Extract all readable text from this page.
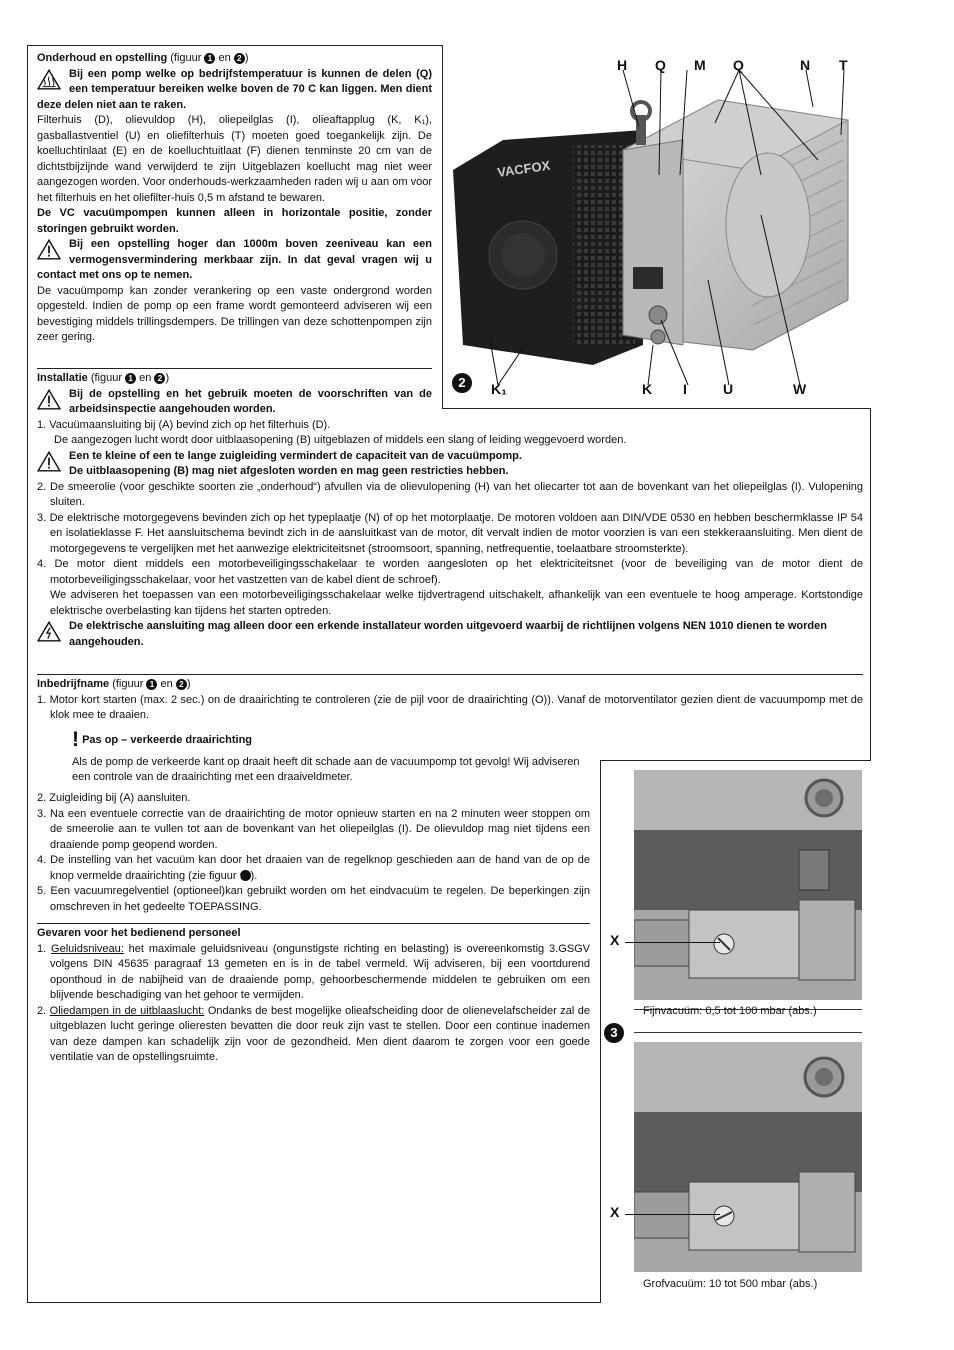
Onderhoud en opstelling (figuur 1 en 2 )

Bij een pomp welke op bedrijfstemperatuur is kunnen de delen (Q) een temperatuur bereiken welke boven de 70 C kan liggen. Men dient deze delen niet aan te raken.

Filterhuis (D), olievuldop (H), oliepeilglas (I), olieaftapplug (K, K₁), gasballastventiel (U) en oliefilterhuis (T) moeten goed toegankelijk zijn. De koelluchtinlaat (E) en de koelluchtuitlaat (F) dienen tenminste 20 cm van de dichtstbijzijnde wand verwijderd te zijn Uitgeblazen koellucht mag niet weer aangezogen worden. Voor onderhouds-werkzaamheden raden wij u aan om voor het filterhuis en het oliefilter-huis 0,5 m afstand te bewaren.

De VC vacuümpompen kunnen alleen in horizontale positie, zonder storingen gebruikt worden.

Bij een opstelling hoger dan 1000m boven zeeniveau kan een vermogensvermindering merkbaar zijn. In dat geval vragen wij u contact met ons op te nemen.

De vacuümpomp kan zonder verankering op een vaste ondergrond worden opgesteld. Indien de pomp op een frame wordt gemonteerd adviseren wij een bevestiging middels trillingsdempers. De trillingen van deze schottenpompen zijn zeer gering.

Installatie (figuur 1 en 2 )

Bij de opstelling en het gebruik moeten de voorschriften van de arbeidsinspectie aangehouden worden.

1. Vacuümaansluiting bij (A) bevind zich op het filterhuis (D).

De aangezogen lucht wordt door uitblaasopening (B) uitgeblazen of middels een slang of leiding weggevoerd worden.

Een te kleine of een te lange zuigleiding vermindert de capaciteit van de vacuümpomp.
De uitblaasopening (B) mag niet afgesloten worden en mag geen restricties hebben.

2. De smeerolie (voor geschikte soorten zie „onderhoud“) afvullen via de olievulopening (H) van het oliecarter tot aan de bovenkant van het oliepeilglas (I). Vulopening sluiten.

3. De elektrische motorgegevens bevinden zich op het typeplaatje (N) of op het motorplaatje. De motoren voldoen aan DIN/VDE 0530 en hebben beschermklasse IP 54 en isolatieklasse F. Het aansluitschema bevindt zich in de aansluitkast van de motor, dit vervalt indien de motor voorzien is van een stekkeraansluiting. Men dient de motorgegevens te vergelijken met het aanwezige elektriciteitsnet (stroomsoort, spanning, netfrequentie, toelaatbare stroomsterkte).

4. De motor dient middels een motorbeveiligingsschakelaar te worden aangesloten op het elektriciteitsnet (voor de beveiliging van de motor dient de motorbeveiligingsschakelaar, voor het vastzetten van de kabel dient de schroef).

We adviseren het toepassen van een motorbeveiligingsschakelaar welke tijdvertragend uitschakelt, afhankelijk van een eventuele te hoog amperage. Kortstondige elektrische overbelasting kan tijdens het starten optreden.

De elektrische aansluiting mag alleen door een erkende installateur worden uitgevoerd waarbij de richtlijnen volgens NEN 1010 dienen te worden aangehouden.

Inbedrijfname (figuur 1 en 2 )

1. Motor kort starten (max. 2 sec.) on de draairichting te controleren (zie de pijl voor de draairichting (O)). Vanaf de motorventilator gezien dient de vacuumpomp met de klok mee te draaien.

! Pas op – verkeerde draairichting

Als de pomp de verkeerde kant op draait heeft dit schade aan de vacuumpomp tot gevolg! Wij adviseren een controle van de draairichting met een draaiveldmeter.

2. Zuigleiding bij (A) aansluiten.

3. Na een eventuele correctie van de draairichting de motor opnieuw starten en na 2 minuten weer stoppen om de smeerolie aan te vullen tot aan de bovenkant van het oliepeilglas (I). De olievuldop mag niet tijdens een draaiende pomp geopend worden.

4. De instelling van het vacuüm kan door het draaien van de regelknop geschieden aan de hand van de op de knop vermelde draairichting (zie figuur 3 ).

5. Een vacuumregelventiel (optioneel)kan gebruikt worden om het eindvacuüm te regelen. De beperkingen zijn omschreven in het gedeelte TOEPASSING.

Gevaren voor het bedienend personeel

1. Geluidsniveau: het maximale geluidsniveau (ongunstigste richting en belasting) is overeenkomstig 3.GSGV volgens DIN 45635 paragraaf 13 gemeten en is in de tabel vermeld. Wij adviseren, bij een voortdurend oponthoud in de nabijheid van de draaiende pomp, gehoorbeschermende middelen te gebruiken om een blijvende beschadiging van het gehoor te vermijden.

2. Oliedampen in de uitblaaslucht: Ondanks de best mogelijke olieafscheiding door de olienevelafscheider zal de uitgeblazen lucht geringe olieresten bevatten die door reuk zijn vast te stellen. Door een continue inademen van deze dampen kan schadelijk zijn voor de gezondheid. Men dient daarom te zorgen voor een goede ventilatie van de opstellingsruimte.

VACFOX
H Q M Q	N T
2	K₁	K I	U	W
X
Fijnvacuüm: 0,5 tot 100 mbar (abs.)
3
X
Grofvacuüm: 10 tot 500 mbar (abs.)
